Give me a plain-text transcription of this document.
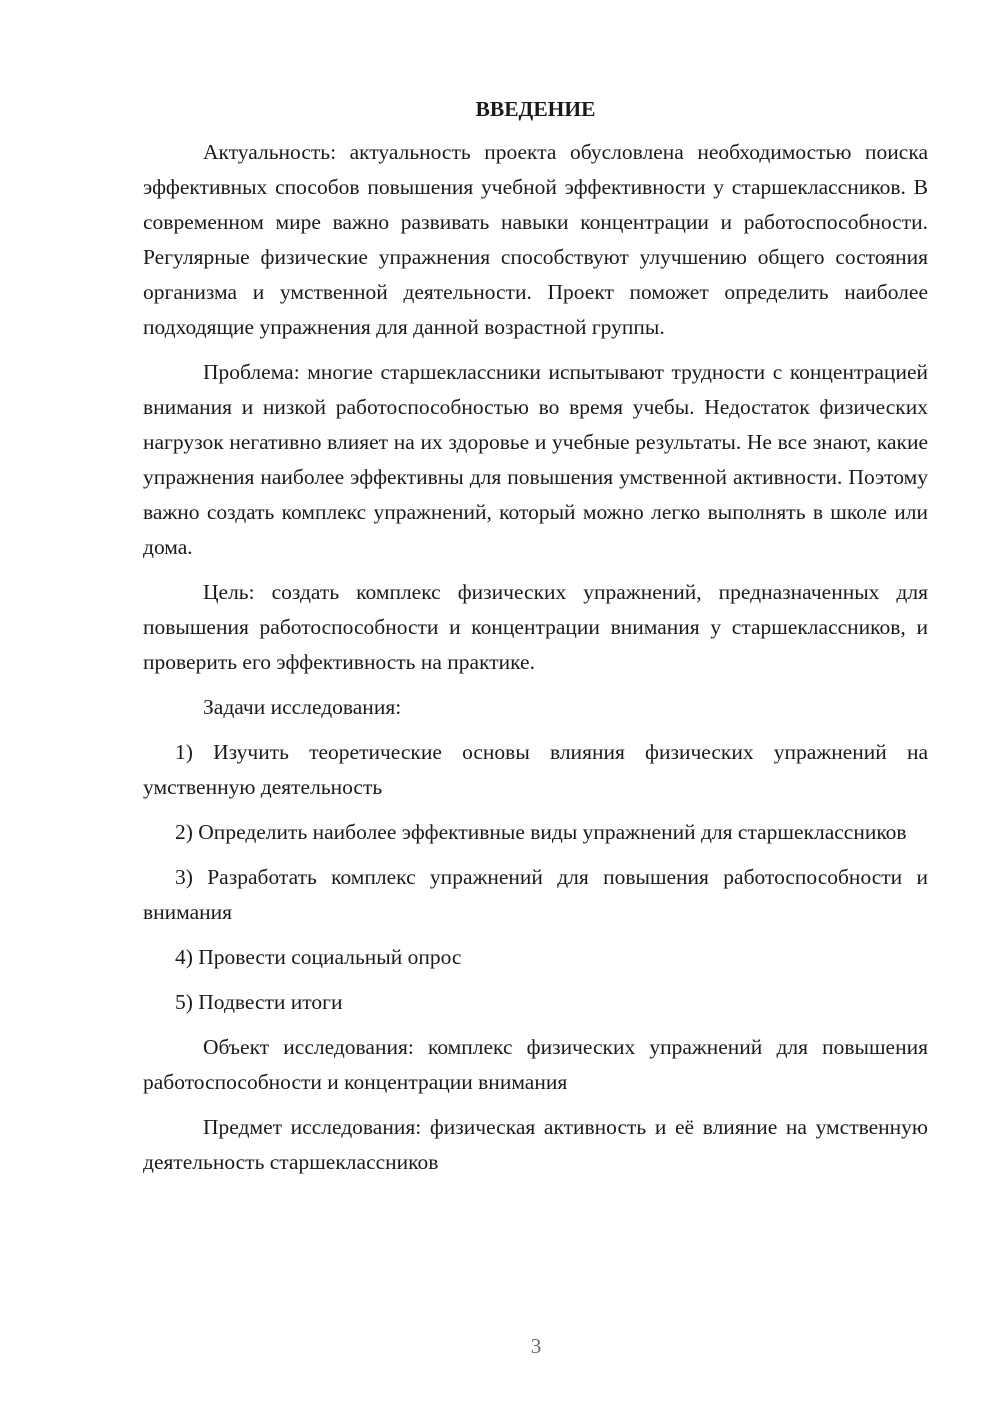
ВВЕДЕНИЕ

Актуальность: актуальность проекта обусловлена необходимостью поиска эффективных способов повышения учебной эффективности у старшеклассников. В современном мире важно развивать навыки концентрации и работоспособности. Регулярные физические упражнения способствуют улучшению общего состояния организма и умственной деятельности. Проект поможет определить наиболее подходящие упражнения для данной возрастной группы.

Проблема: многие старшеклассники испытывают трудности с концентрацией внимания и низкой работоспособностью во время учебы. Недостаток физических нагрузок негативно влияет на их здоровье и учебные результаты. Не все знают, какие упражнения наиболее эффективны для повышения умственной активности. Поэтому важно создать комплекс упражнений, который можно легко выполнять в школе или дома.

Цель: создать комплекс физических упражнений, предназначенных для повышения работоспособности и концентрации внимания у старшеклассников, и проверить его эффективность на практике.

Задачи исследования:

1) Изучить теоретические основы влияния физических упражнений на умственную деятельность

2) Определить наиболее эффективные виды упражнений для старшеклассников

3) Разработать комплекс упражнений для повышения работоспособности и внимания

4) Провести социальный опрос

5) Подвести итоги

Объект исследования: комплекс физических упражнений для повышения работоспособности и концентрации внимания

Предмет исследования: физическая активность и её влияние на умственную деятельность старшеклассников

3
